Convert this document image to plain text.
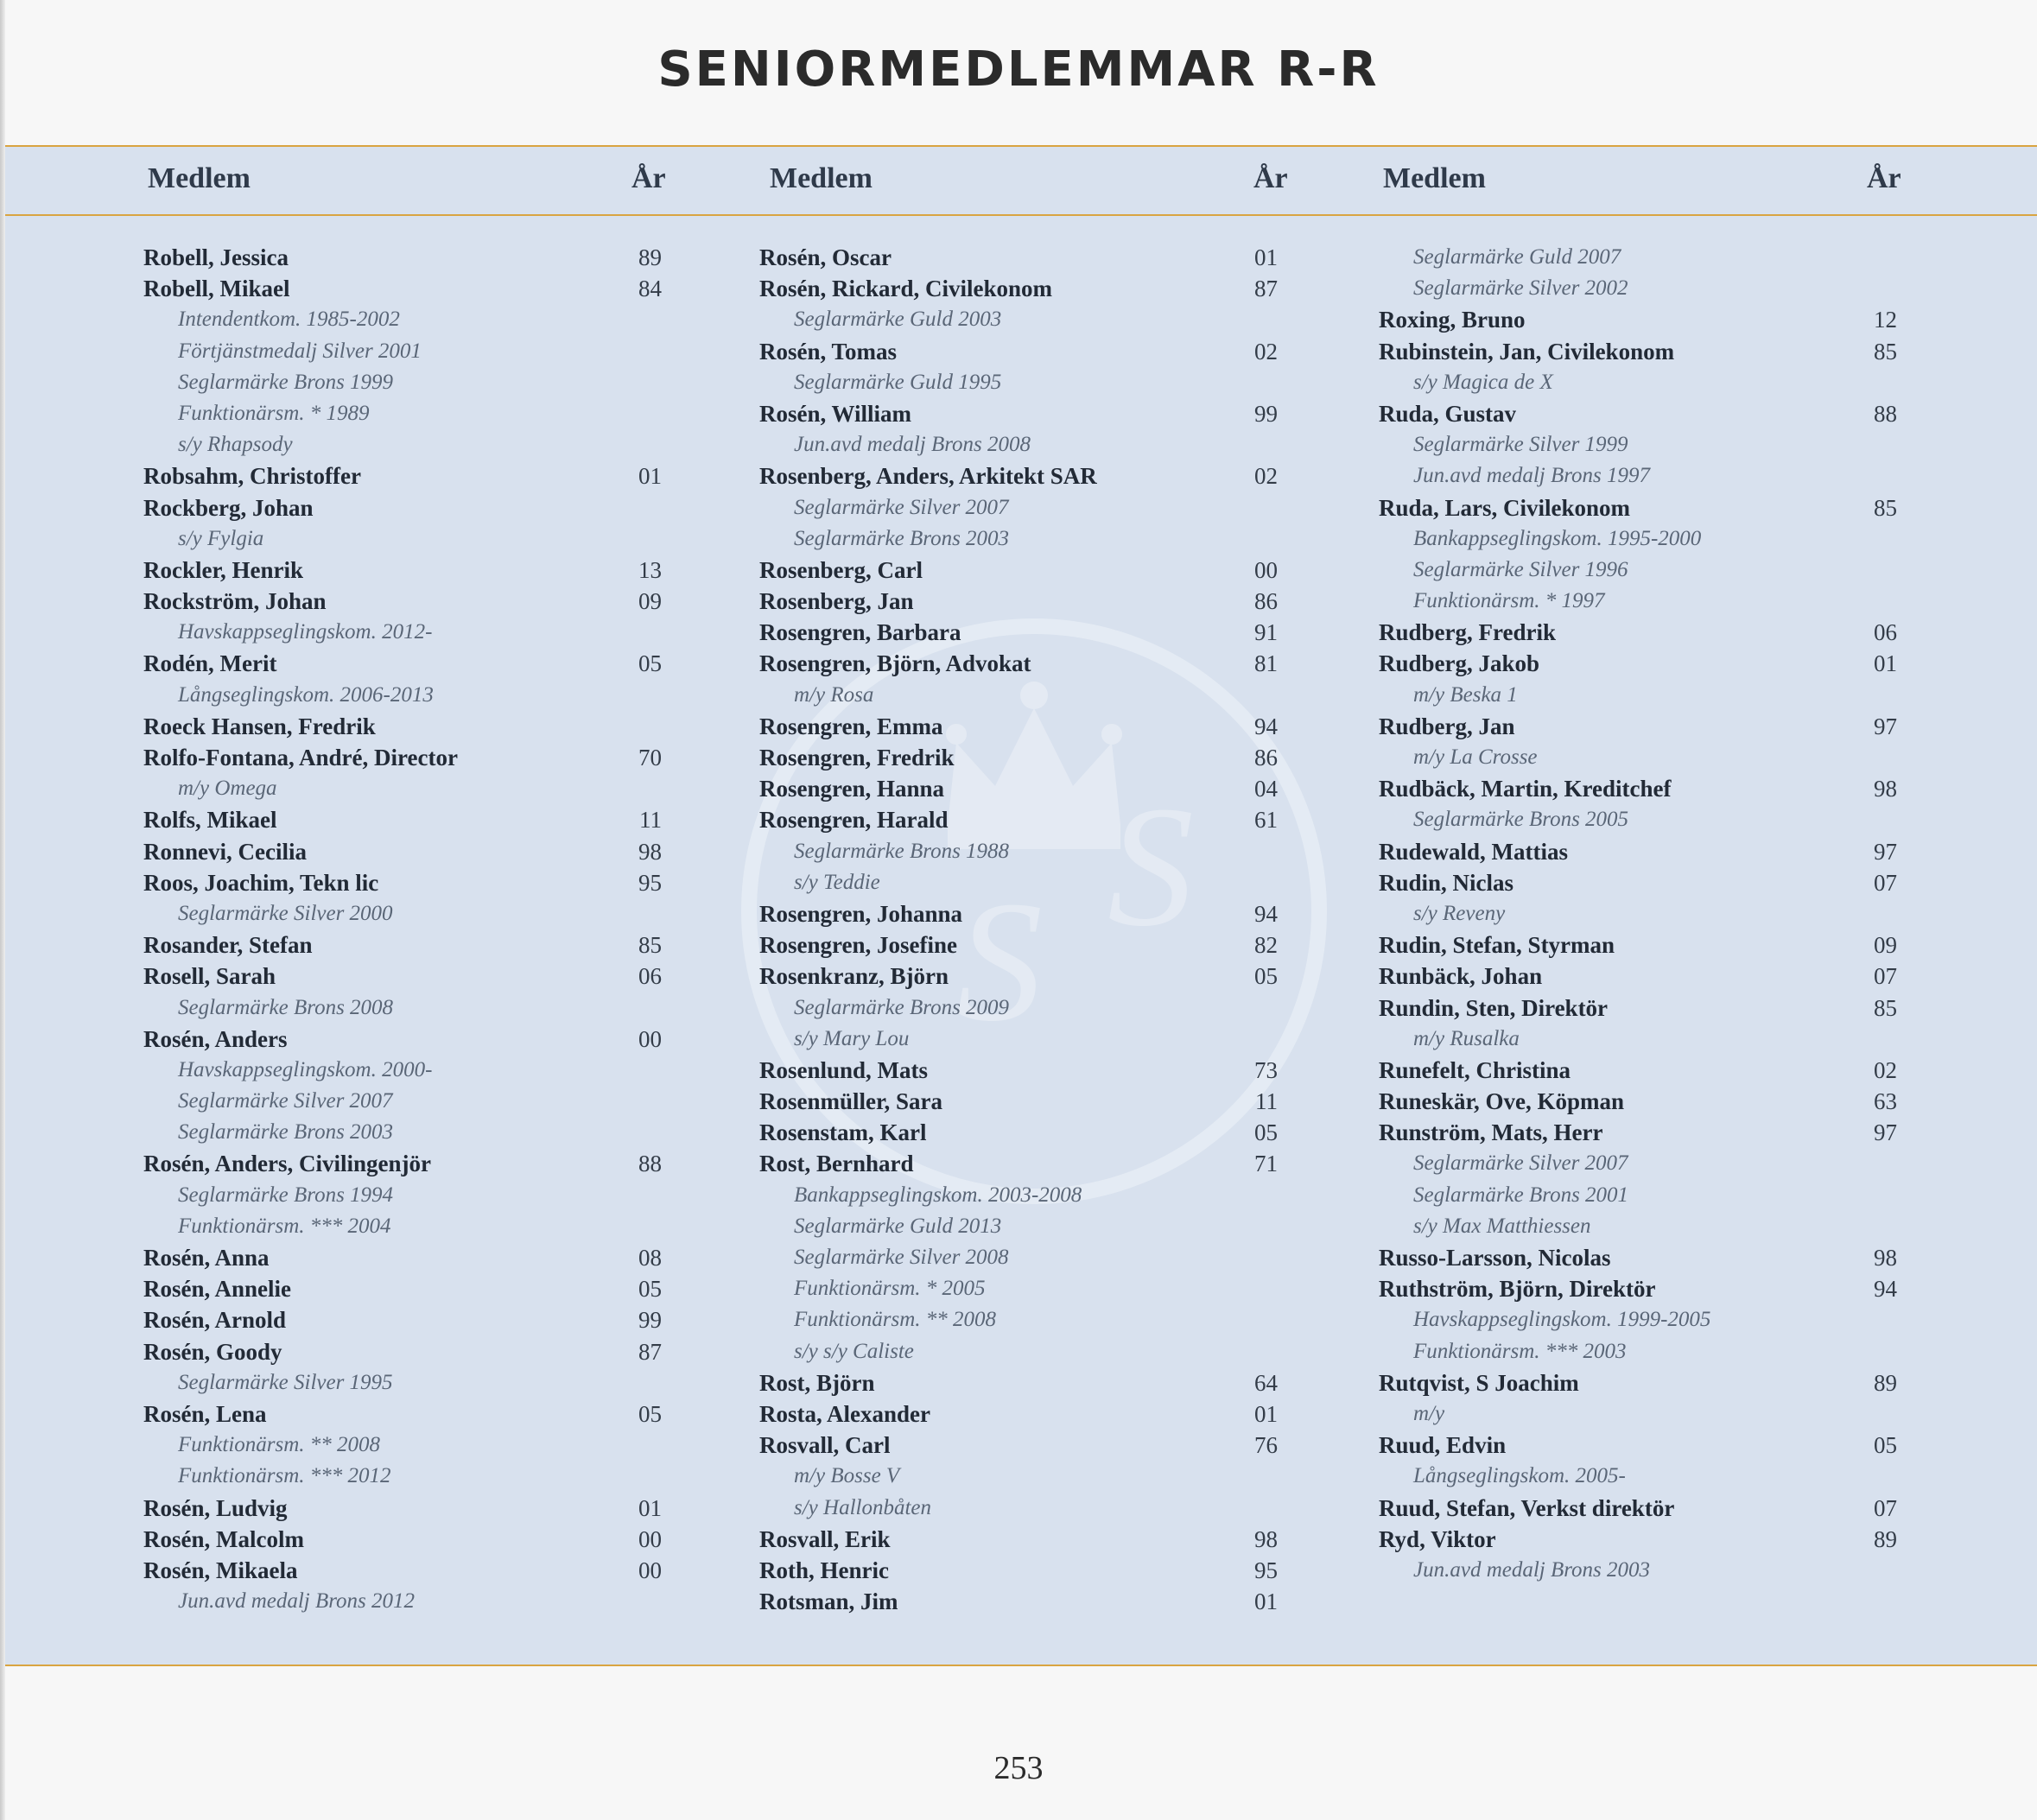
SENIORMEDLEMMAR R-R
S S
Medlem	År	Medlem	År	Medlem	År
Robell, Jessica	89
Robell, Mikael	84
Intendentkom. 1985-2002
Förtjänstmedalj Silver 2001
Seglarmärke Brons 1999
Funktionärsm. * 1989
s/y Rhapsody
Robsahm, Christoffer	01
Rockberg, Johan
s/y Fylgia
Rockler, Henrik	13
Rockström, Johan	09
Havskappseglingskom. 2012-
Rodén, Merit	05
Långseglingskom. 2006-2013
Roeck Hansen, Fredrik
Rolfo-Fontana, André, Director	70
m/y Omega
Rolfs, Mikael	11
Ronnevi, Cecilia	98
Roos, Joachim, Tekn lic	95
Seglarmärke Silver 2000
Rosander, Stefan	85
Rosell, Sarah	06
Seglarmärke Brons 2008
Rosén, Anders	00
Havskappseglingskom. 2000-
Seglarmärke Silver 2007
Seglarmärke Brons 2003
Rosén, Anders, Civilingenjör	88
Seglarmärke Brons 1994
Funktionärsm. *** 2004
Rosén, Anna	08
Rosén, Annelie	05
Rosén, Arnold	99
Rosén, Goody	87
Seglarmärke Silver 1995
Rosén, Lena	05
Funktionärsm. ** 2008
Funktionärsm. *** 2012
Rosén, Ludvig	01
Rosén, Malcolm	00
Rosén, Mikaela	00
Jun.avd medalj Brons 2012
Rosén, Oscar	01
Rosén, Rickard, Civilekonom	87
Seglarmärke Guld 2003
Rosén, Tomas	02
Seglarmärke Guld 1995
Rosén, William	99
Jun.avd medalj Brons 2008
Rosenberg, Anders, Arkitekt SAR	02
Seglarmärke Silver 2007
Seglarmärke Brons 2003
Rosenberg, Carl	00
Rosenberg, Jan	86
Rosengren, Barbara	91
Rosengren, Björn, Advokat	81
m/y Rosa
Rosengren, Emma	94
Rosengren, Fredrik	86
Rosengren, Hanna	04
Rosengren, Harald	61
Seglarmärke Brons 1988
s/y Teddie
Rosengren, Johanna	94
Rosengren, Josefine	82
Rosenkranz, Björn	05
Seglarmärke Brons 2009
s/y Mary Lou
Rosenlund, Mats	73
Rosenmüller, Sara	11
Rosenstam, Karl	05
Rost, Bernhard	71
Bankappseglingskom. 2003-2008
Seglarmärke Guld 2013
Seglarmärke Silver 2008
Funktionärsm. * 2005
Funktionärsm. ** 2008
s/y s/y Caliste
Rost, Björn	64
Rosta, Alexander	01
Rosvall, Carl	76
m/y Bosse V
s/y Hallonbåten
Rosvall, Erik	98
Roth, Henric	95
Rotsman, Jim	01
Seglarmärke Guld 2007
Seglarmärke Silver 2002
Roxing, Bruno	12
Rubinstein, Jan, Civilekonom	85
s/y Magica de X
Ruda, Gustav	88
Seglarmärke Silver 1999
Jun.avd medalj Brons 1997
Ruda, Lars, Civilekonom	85
Bankappseglingskom. 1995-2000
Seglarmärke Silver 1996
Funktionärsm. * 1997
Rudberg, Fredrik	06
Rudberg, Jakob	01
m/y Beska 1
Rudberg, Jan	97
m/y La Crosse
Rudbäck, Martin, Kreditchef	98
Seglarmärke Brons 2005
Rudewald, Mattias	97
Rudin, Niclas	07
s/y Reveny
Rudin, Stefan, Styrman	09
Runbäck, Johan	07
Rundin, Sten, Direktör	85
m/y Rusalka
Runefelt, Christina	02
Runeskär, Ove, Köpman	63
Runström, Mats, Herr	97
Seglarmärke Silver 2007
Seglarmärke Brons 2001
s/y Max Matthiessen
Russo-Larsson, Nicolas	98
Ruthström, Björn, Direktör	94
Havskappseglingskom. 1999-2005
Funktionärsm. *** 2003
Rutqvist, S Joachim	89
m/y
Ruud, Edvin	05
Långseglingskom. 2005-
Ruud, Stefan, Verkst direktör	07
Ryd, Viktor	89
Jun.avd medalj Brons 2003
253
